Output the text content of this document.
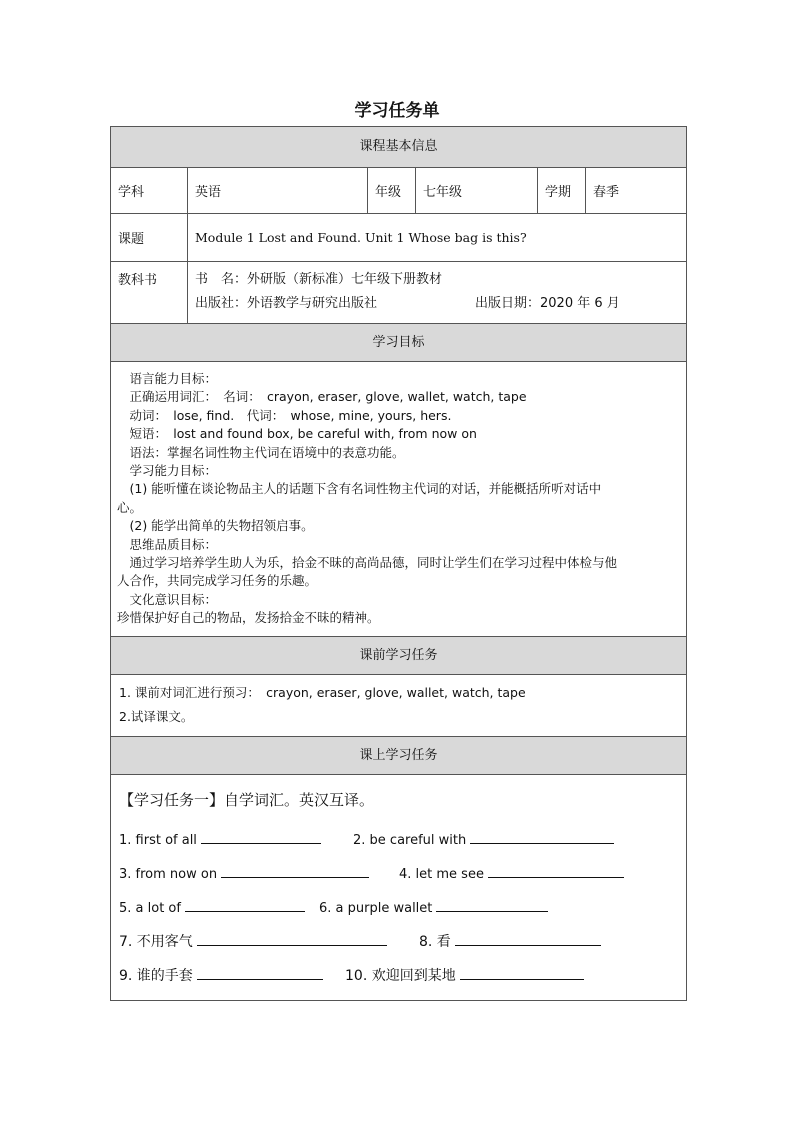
学习任务单
课程基本信息
学科	英语	年级	七年级	学期	春季
课题	Module 1 Lost and Found. Unit 1 Whose bag is this?
教科书	书　名：外研版（新标准）七年级下册教材
出版社：外语教学与研究出版社	出版日期：2020 年 6 月
学习目标
　语言能力目标：
　正确运用词汇：　名词：　crayon, eraser, glove, wallet, watch, tape
　动词：　lose, find.　代词：　whose, mine, yours, hers.
　短语：　lost and found box, be careful with, from now on
　语法：掌握名词性物主代词在语境中的表意功能。
　学习能力目标：
　(1) 能听懂在谈论物品主人的话题下含有名词性物主代词的对话，并能概括所听对话中
心。
　(2) 能学出简单的失物招领启事。
　思维品质目标：
　通过学习培养学生助人为乐，拾金不昧的高尚品德，同时让学生们在学习过程中体检与他
人合作，共同完成学习任务的乐趣。
　文化意识目标：
珍惜保护好自己的物品，发扬拾金不昧的精神。
课前学习任务
1. 课前对词汇进行预习：　crayon, eraser, glove, wallet, watch, tape
2.试译课文。
课上学习任务
【学习任务一】自学词汇。英汉互译。
1. first of all	2. be careful with
3. from now on	4. let me see
5. a lot of	6. a purple wallet
7. 不用客气	8. 看
9. 谁的手套	10. 欢迎回到某地
